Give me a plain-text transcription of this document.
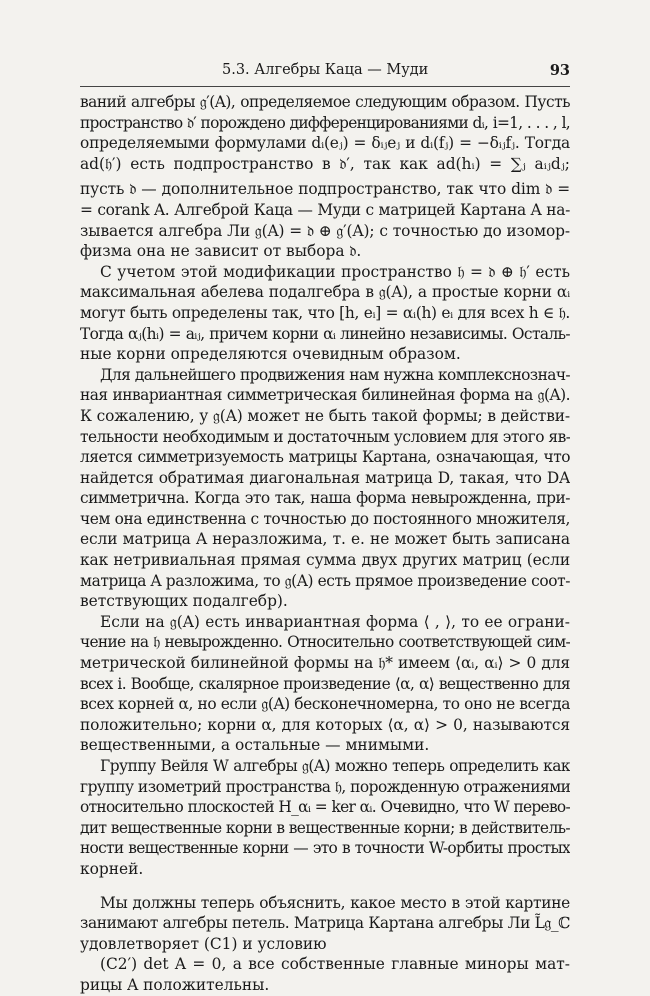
5.3. Алгебры Каца — Муди	93
ваний алгебры 𝔤′(A), определяемое следующим образом. Пусть
пространство 𝔡′ порождено дифференцированиями dᵢ, i=1, . . . , l,
определяемыми формулами dᵢ(eⱼ) = δᵢⱼeⱼ и dᵢ(fⱼ) = −δᵢⱼfⱼ. Тогда
ad(𝔥′) есть подпространство в 𝔡′, так как ad(hᵢ) = ∑ⱼ aᵢⱼdⱼ;
пусть 𝔡 — дополнительное подпространство, так что dim 𝔡 =
= corank A. Алгеброй Каца — Муди с матрицей Картана A на-
зывается алгебра Ли 𝔤(A) = 𝔡 ⊕ 𝔤′(A); с точностью до изомор-
физма она не зависит от выбора 𝔡.
С учетом этой модификации пространство 𝔥 = 𝔡 ⊕ 𝔥′ есть
максимальная абелева подалгебра в 𝔤(A), а простые корни αᵢ
могут быть определены так, что [h, eᵢ] = αᵢ(h) eᵢ для всех h ∈ 𝔥.
Тогда αⱼ(hᵢ) = aᵢⱼ, причем корни αᵢ линейно независимы. Осталь-
ные корни определяются очевидным образом.
Для дальнейшего продвижения нам нужна комплекснознач-
ная инвариантная симметрическая билинейная форма на 𝔤(A).
К сожалению, у 𝔤(A) может не быть такой формы; в действи-
тельности необходимым и достаточным условием для этого яв-
ляется симметризуемость матрицы Картана, означающая, что
найдется обратимая диагональная матрица D, такая, что DA
симметрична. Когда это так, наша форма невырожденна, при-
чем она единственна с точностью до постоянного множителя,
если матрица A неразложима, т. е. не может быть записана
как нетривиальная прямая сумма двух других матриц (если
матрица A разложима, то 𝔤(A) есть прямое произведение соот-
ветствующих подалгебр).
Если на 𝔤(A) есть инвариантная форма ⟨ , ⟩, то ее ограни-
чение на 𝔥 невырожденно. Относительно соответствующей сим-
метрической билинейной формы на 𝔥* имеем ⟨αᵢ, αᵢ⟩ > 0 для
всех i. Вообще, скалярное произведение ⟨α, α⟩ вещественно для
всех корней α, но если 𝔤(A) бесконечномерна, то оно не всегда
положительно; корни α, для которых ⟨α, α⟩ > 0, называются
вещественными, а остальные — мнимыми.
Группу Вейля W алгебры 𝔤(A) можно теперь определить как
группу изометрий пространства 𝔥, порожденную отражениями
относительно плоскостей H_αᵢ = ker αᵢ. Очевидно, что W перево-
дит вещественные корни в вещественные корни; в действитель-
ности вещественные корни — это в точности W-орбиты простых
корней.
Мы должны теперь объяснить, какое место в этой картине
занимают алгебры петель. Матрица Картана алгебры Ли L̃𝔤_ℂ
удовлетворяет (C1) и условию
(C2′) det A = 0, а все собственные главные миноры мат-
рицы A положительны.
